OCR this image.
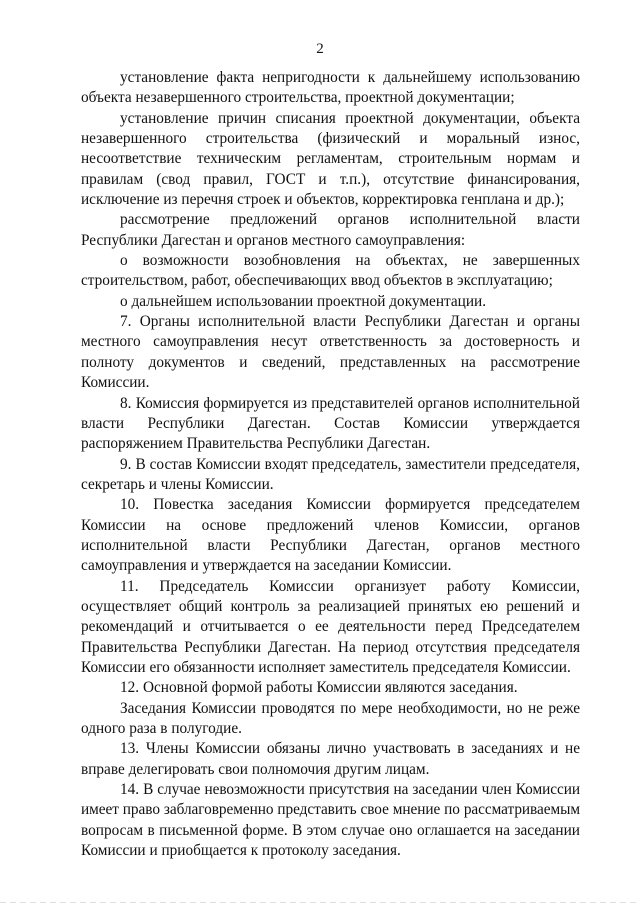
2
установление факта непригодности к дальнейшему использованию
объекта незавершенного строительства, проектной документации;
установление причин списания проектной документации, объекта
незавершенного строительства (физический и моральный износ,
несоответствие техническим регламентам, строительным нормам и
правилам (свод правил, ГОСТ и т.п.), отсутствие финансирования,
исключение из перечня строек и объектов, корректировка генплана и др.);
рассмотрение предложений органов исполнительной власти
Республики Дагестан и органов местного самоуправления:
о возможности возобновления на объектах, не завершенных
строительством, работ, обеспечивающих ввод объектов в эксплуатацию;
о дальнейшем использовании проектной документации.
7. Органы исполнительной власти Республики Дагестан и органы
местного самоуправления несут ответственность за достоверность и
полноту документов и сведений, представленных на рассмотрение
Комиссии.
8. Комиссия формируется из представителей органов исполнительной
власти Республики Дагестан. Состав Комиссии утверждается
распоряжением Правительства Республики Дагестан.
9. В состав Комиссии входят председатель, заместители председателя,
секретарь и члены Комиссии.
10. Повестка заседания Комиссии формируется председателем
Комиссии на основе предложений членов Комиссии, органов
исполнительной власти Республики Дагестан, органов местного
самоуправления и утверждается на заседании Комиссии.
11. Председатель Комиссии организует работу Комиссии,
осуществляет общий контроль за реализацией принятых ею решений и
рекомендаций и отчитывается о ее деятельности перед Председателем
Правительства Республики Дагестан. На период отсутствия председателя
Комиссии его обязанности исполняет заместитель председателя Комиссии.
12. Основной формой работы Комиссии являются заседания.
Заседания Комиссии проводятся по мере необходимости, но не реже
одного раза в полугодие.
13. Члены Комиссии обязаны лично участвовать в заседаниях и не
вправе делегировать свои полномочия другим лицам.
14. В случае невозможности присутствия на заседании член Комиссии
имеет право заблаговременно представить свое мнение по рассматриваемым
вопросам в письменной форме. В этом случае оно оглашается на заседании
Комиссии и приобщается к протоколу заседания.
